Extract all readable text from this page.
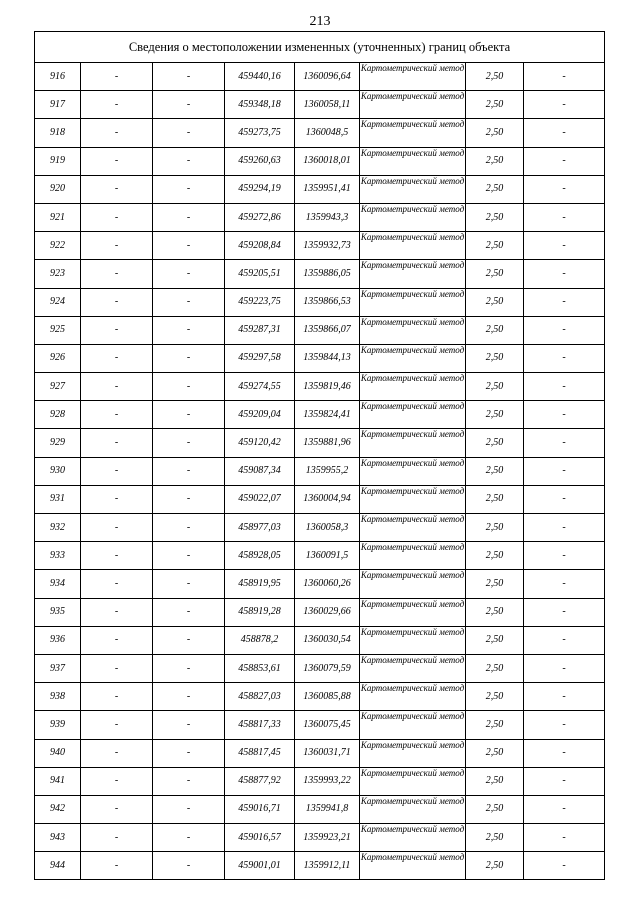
213
Сведения о местоположении измененных (уточненных) границ объекта							
916	-	-	459440,16	1360096,64	Картометрический метод	2,50	-
917	-	-	459348,18	1360058,11	Картометрический метод	2,50	-
918	-	-	459273,75	1360048,5	Картометрический метод	2,50	-
919	-	-	459260,63	1360018,01	Картометрический метод	2,50	-
920	-	-	459294,19	1359951,41	Картометрический метод	2,50	-
921	-	-	459272,86	1359943,3	Картометрический метод	2,50	-
922	-	-	459208,84	1359932,73	Картометрический метод	2,50	-
923	-	-	459205,51	1359886,05	Картометрический метод	2,50	-
924	-	-	459223,75	1359866,53	Картометрический метод	2,50	-
925	-	-	459287,31	1359866,07	Картометрический метод	2,50	-
926	-	-	459297,58	1359844,13	Картометрический метод	2,50	-
927	-	-	459274,55	1359819,46	Картометрический метод	2,50	-
928	-	-	459209,04	1359824,41	Картометрический метод	2,50	-
929	-	-	459120,42	1359881,96	Картометрический метод	2,50	-
930	-	-	459087,34	1359955,2	Картометрический метод	2,50	-
931	-	-	459022,07	1360004,94	Картометрический метод	2,50	-
932	-	-	458977,03	1360058,3	Картометрический метод	2,50	-
933	-	-	458928,05	1360091,5	Картометрический метод	2,50	-
934	-	-	458919,95	1360060,26	Картометрический метод	2,50	-
935	-	-	458919,28	1360029,66	Картометрический метод	2,50	-
936	-	-	458878,2	1360030,54	Картометрический метод	2,50	-
937	-	-	458853,61	1360079,59	Картометрический метод	2,50	-
938	-	-	458827,03	1360085,88	Картометрический метод	2,50	-
939	-	-	458817,33	1360075,45	Картометрический метод	2,50	-
940	-	-	458817,45	1360031,71	Картометрический метод	2,50	-
941	-	-	458877,92	1359993,22	Картометрический метод	2,50	-
942	-	-	459016,71	1359941,8	Картометрический метод	2,50	-
943	-	-	459016,57	1359923,21	Картометрический метод	2,50	-
944	-	-	459001,01	1359912,11	Картометрический метод	2,50	-
